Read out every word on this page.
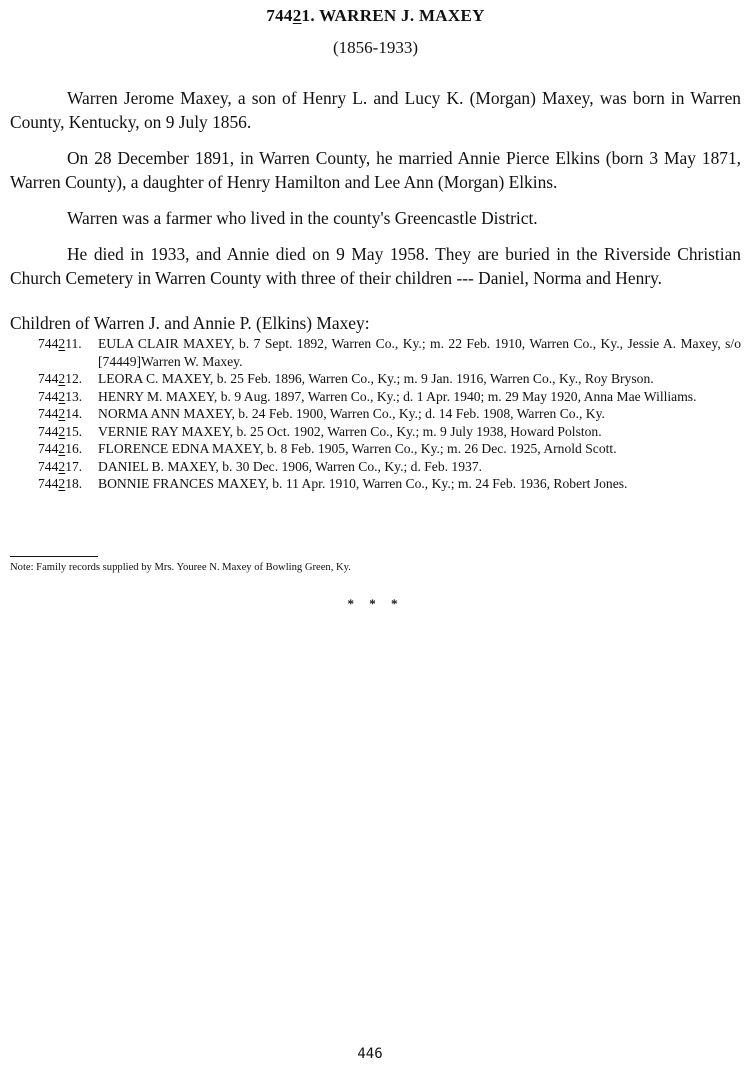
74421. WARREN J. MAXEY
(1856-1933)

Warren Jerome Maxey, a son of Henry L. and Lucy K. (Morgan) Maxey, was born in Warren County, Kentucky, on 9 July 1856.

On 28 December 1891, in Warren County, he married Annie Pierce Elkins (born 3 May 1871, Warren County), a daughter of Henry Hamilton and Lee Ann (Morgan) Elkins.

Warren was a farmer who lived in the county's Greencastle District.

He died in 1933, and Annie died on 9 May 1958. They are buried in the Riverside Christian Church Cemetery in Warren County with three of their children --- Daniel, Norma and Henry.

Children of Warren J. and Annie P. (Elkins) Maxey:
744211.	EULA CLAIR MAXEY, b. 7 Sept. 1892, Warren Co., Ky.; m. 22 Feb. 1910, Warren Co., Ky., Jessie A. Maxey, s/o [74449]Warren W. Maxey.
744212.	LEORA C. MAXEY, b. 25 Feb. 1896, Warren Co., Ky.; m. 9 Jan. 1916, Warren Co., Ky., Roy Bryson.
744213.	HENRY M. MAXEY, b. 9 Aug. 1897, Warren Co., Ky.; d. 1 Apr. 1940; m. 29 May 1920, Anna Mae Williams.
744214.	NORMA ANN MAXEY, b. 24 Feb. 1900, Warren Co., Ky.; d. 14 Feb. 1908, Warren Co., Ky.
744215.	VERNIE RAY MAXEY, b. 25 Oct. 1902, Warren Co., Ky.; m. 9 July 1938, Howard Polston.
744216.	FLORENCE EDNA MAXEY, b. 8 Feb. 1905, Warren Co., Ky.; m. 26 Dec. 1925, Arnold Scott.
744217.	DANIEL B. MAXEY, b. 30 Dec. 1906, Warren Co., Ky.; d. Feb. 1937.
744218.	BONNIE FRANCES MAXEY, b. 11 Apr. 1910, Warren Co., Ky.; m. 24 Feb. 1936, Robert Jones.
Note: Family records supplied by Mrs. Youree N. Maxey of Bowling Green, Ky.
* * *
446
